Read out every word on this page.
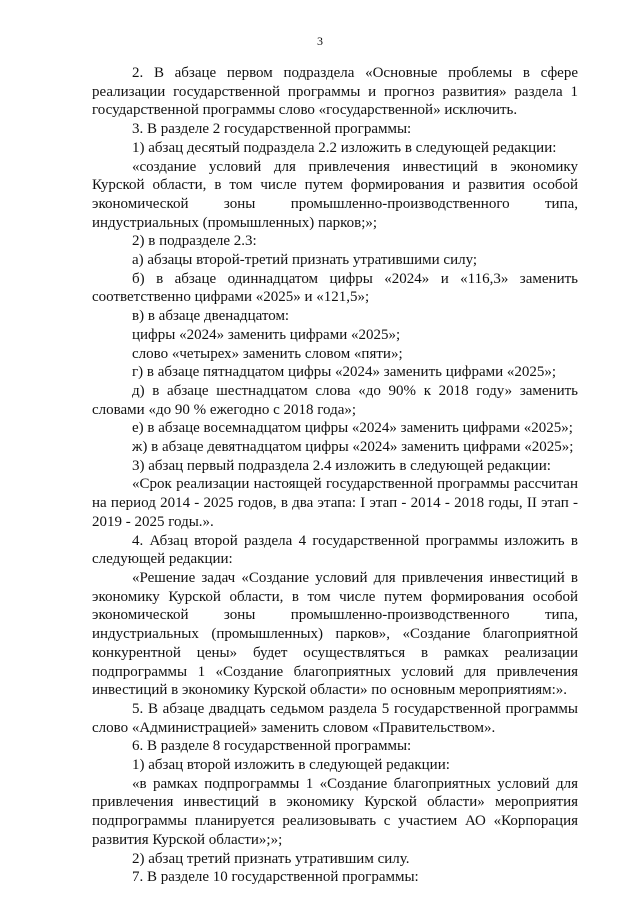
3

2. В абзаце первом подраздела «Основные проблемы в сфере реализации государственной программы и прогноз развития» раздела 1 государственной программы слово «государственной» исключить.

3. В разделе 2 государственной программы:

1) абзац десятый подраздела 2.2 изложить в следующей редакции:

«создание условий для привлечения инвестиций в экономику Курской области, в том числе путем формирования и развития особой экономической зоны промышленно-производственного типа, индустриальных (промышленных) парков;»;

2) в подразделе 2.3:

а) абзацы второй-третий признать утратившими силу;

б) в абзаце одиннадцатом цифры «2024» и «116,3» заменить соответственно цифрами «2025» и «121,5»;

в) в абзаце двенадцатом:

цифры «2024» заменить цифрами «2025»;

слово «четырех» заменить словом «пяти»;

г) в абзаце пятнадцатом цифры «2024» заменить цифрами «2025»;

д) в абзаце шестнадцатом слова «до 90% к 2018 году» заменить словами «до 90 % ежегодно с 2018 года»;

е) в абзаце восемнадцатом цифры «2024» заменить цифрами «2025»;

ж) в абзаце девятнадцатом цифры «2024» заменить цифрами «2025»;

3) абзац первый подраздела 2.4 изложить в следующей редакции:

«Срок реализации настоящей государственной программы рассчитан на период 2014 - 2025 годов, в два этапа: I этап - 2014 - 2018 годы, II этап - 2019 - 2025 годы.».

4. Абзац второй раздела 4 государственной программы изложить в следующей редакции:

«Решение задач «Создание условий для привлечения инвестиций в экономику Курской области, в том числе путем формирования особой экономической зоны промышленно-производственного типа, индустриальных (промышленных) парков», «Создание благоприятной конкурентной цены» будет осуществляться в рамках реализации подпрограммы 1 «Создание благоприятных условий для привлечения инвестиций в экономику Курской области» по основным мероприятиям:».

5. В абзаце двадцать седьмом раздела 5 государственной программы слово «Администрацией» заменить словом «Правительством».

6. В разделе 8 государственной программы:

1) абзац второй изложить в следующей редакции:

«в рамках подпрограммы 1 «Создание благоприятных условий для привлечения инвестиций в экономику Курской области» мероприятия подпрограммы планируется реализовывать с участием АО «Корпорация развития Курской области»;»;

2) абзац третий признать утратившим силу.

7. В разделе 10 государственной программы:
